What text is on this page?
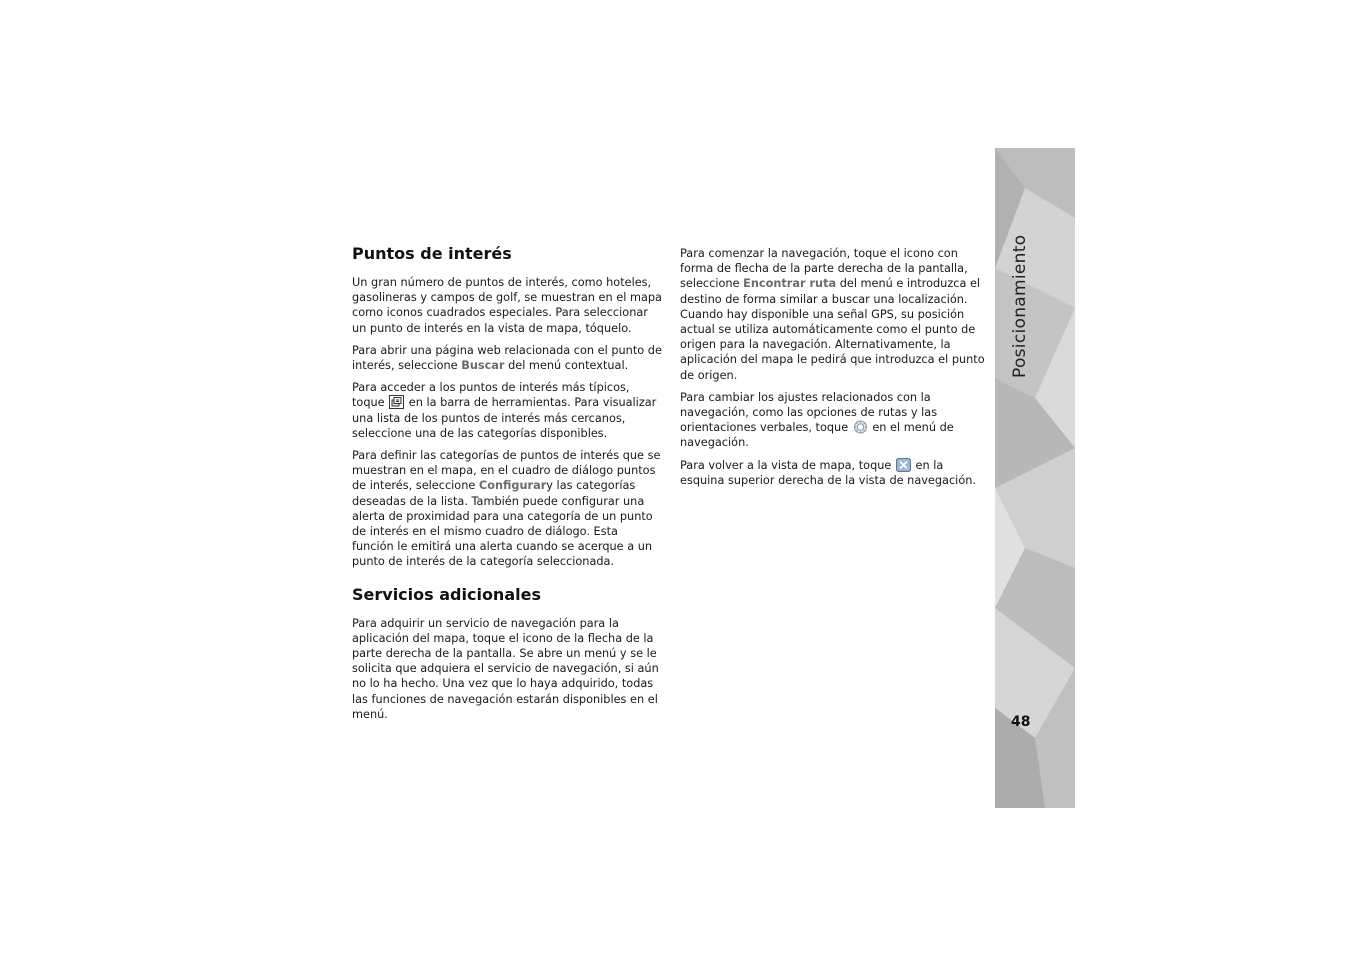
Puntos de interés

Un gran número de puntos de interés, como hoteles, gasolineras y campos de golf, se muestran en el mapa como iconos cuadrados especiales. Para seleccionar un punto de interés en la vista de mapa, tóquelo.

Para abrir una página web relacionada con el punto de interés, seleccione Buscar del menú contextual.

Para acceder a los puntos de interés más típicos, toque  en la barra de herramientas. Para visualizar una lista de los puntos de interés más cercanos, seleccione una de las categorías disponibles.

Para definir las categorías de puntos de interés que se muestran en el mapa, en el cuadro de diálogo puntos de interés, seleccione Configurary las categorías deseadas de la lista. También puede configurar una alerta de proximidad para una categoría de un punto de interés en el mismo cuadro de diálogo. Esta función le emitirá una alerta cuando se acerque a un punto de interés de la categoría seleccionada.

Servicios adicionales

Para adquirir un servicio de navegación para la aplicación del mapa, toque el icono de la flecha de la parte derecha de la pantalla. Se abre un menú y se le solicita que adquiera el servicio de navegación, si aún no lo ha hecho. Una vez que lo haya adquirido, todas las funciones de navegación estarán disponibles en el menú.

Para comenzar la navegación, toque el icono con forma de flecha de la parte derecha de la pantalla, seleccione Encontrar ruta del menú e introduzca el destino de forma similar a buscar una localización. Cuando hay disponible una señal GPS, su posición actual se utiliza automáticamente como el punto de origen para la navegación. Alternativamente, la aplicación del mapa le pedirá que introduzca el punto de origen.

Para cambiar los ajustes relacionados con la navegación, como las opciones de rutas y las orientaciones verbales, toque  en el menú de navegación.

Para volver a la vista de mapa, toque  en la esquina superior derecha de la vista de navegación.

Posicionamiento
48
